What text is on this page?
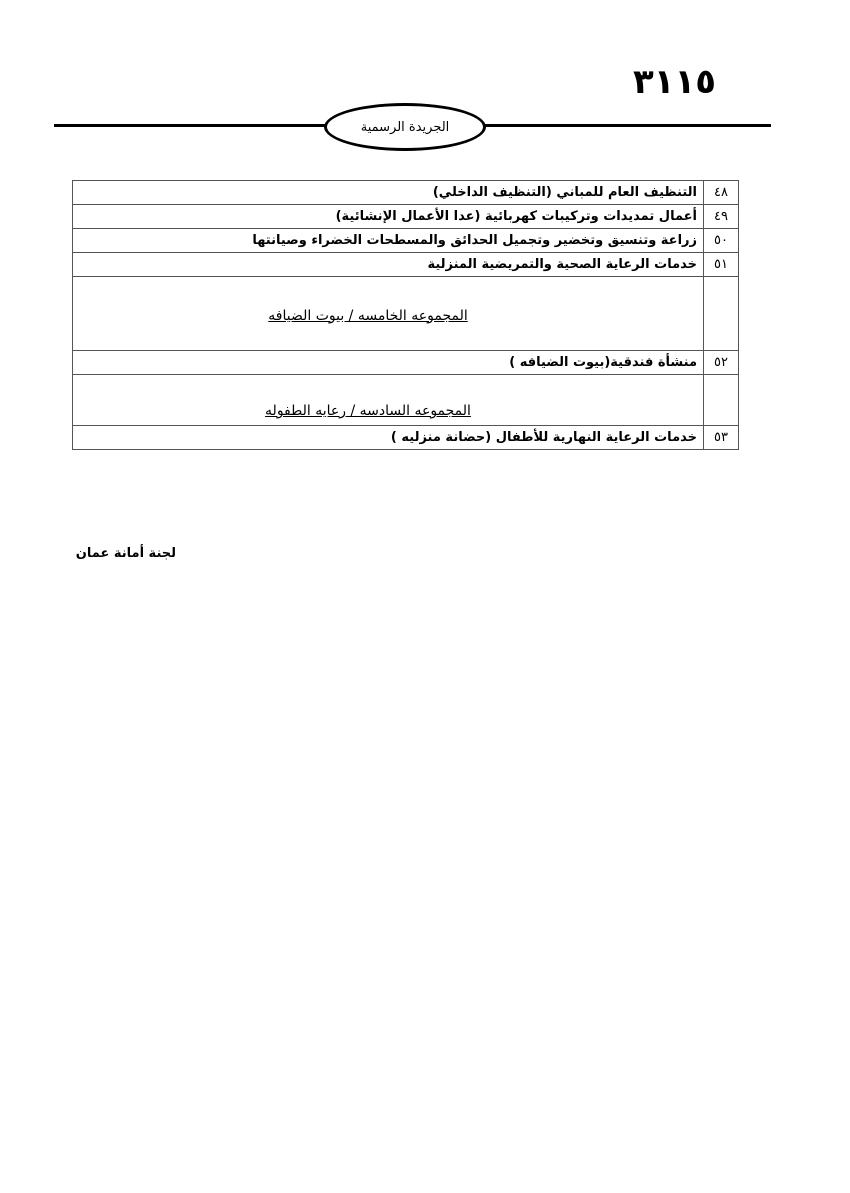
٣١١٥
الجريدة الرسمية
٤٨	التنظيف العام للمباني (التنظيف الداخلي)
٤٩	أعمال تمديدات وتركيبات كهربائية (عدا الأعمال الإنشائية)
٥٠	زراعة وتنسيق وتخضير وتجميل الحدائق والمسطحات الخضراء وصيانتها
٥١	خدمات الرعاية الصحية والتمريضية المنزلية

	المجموعه الخامسه / بيوت الضيافه

٥٢	منشأة فندقية(بيوت الضيافه )

	المجموعه السادسه / رعايه الطفوله

٥٣	خدمات الرعاية النهارية للأطفال (حضانة منزليه )
لجنة أمانة عمان
